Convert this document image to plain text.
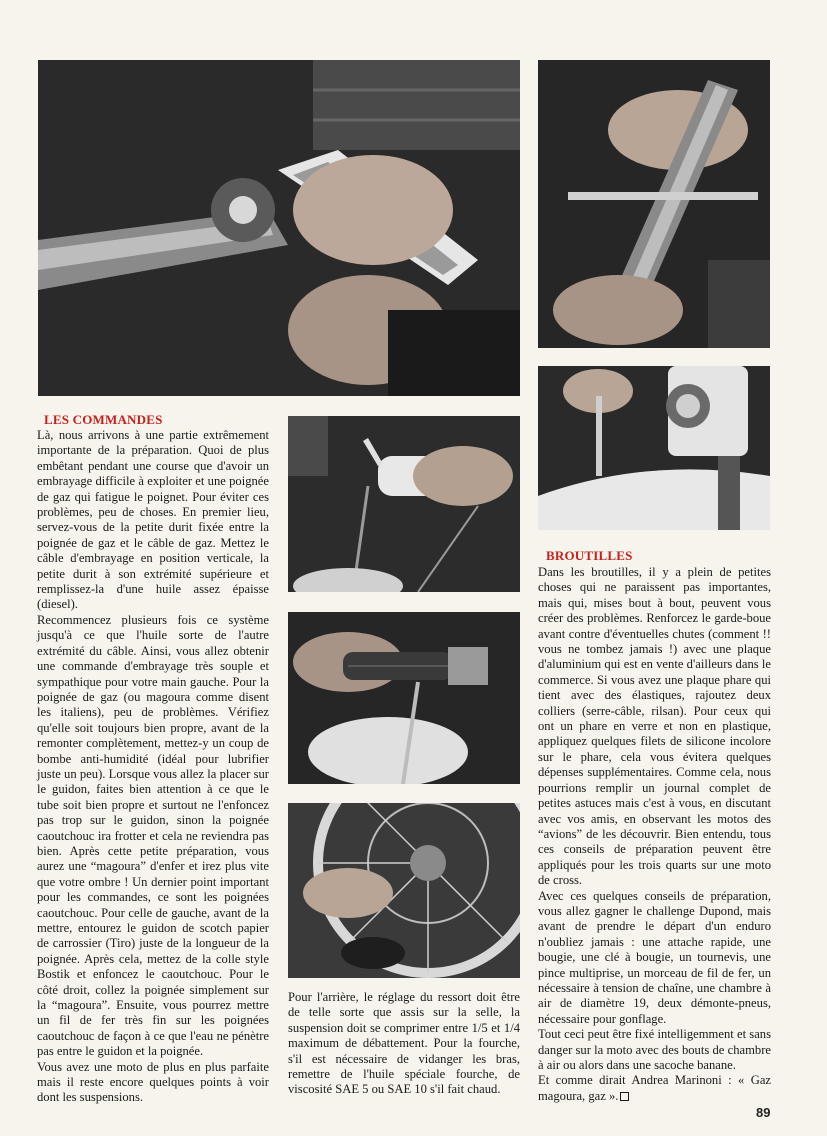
LES COMMANDES

Là, nous arrivons à une partie extrêmement importante de la préparation. Quoi de plus embêtant pendant une course que d'avoir un embrayage difficile à exploiter et une poignée de gaz qui fatigue le poignet. Pour éviter ces problèmes, peu de choses. En premier lieu, servez-vous de la petite durit fixée entre la poignée de gaz et le câble de gaz. Mettez le câble d'embrayage en position verticale, la petite durit à son extrémité supérieure et remplissez-la d'une huile assez épaisse (diesel).

Recommencez plusieurs fois ce système jusqu'à ce que l'huile sorte de l'autre extrémité du câble. Ainsi, vous allez obtenir une commande d'embrayage très souple et sympathique pour votre main gauche. Pour la poignée de gaz (ou magoura comme disent les italiens), peu de problèmes. Vérifiez qu'elle soit toujours bien propre, avant de la remonter complètement, mettez-y un coup de bombe anti-humidité (idéal pour lubrifier juste un peu). Lorsque vous allez la placer sur le guidon, faites bien attention à ce que le tube soit bien propre et surtout ne l'enfoncez pas trop sur le guidon, sinon la poignée caoutchouc ira frotter et cela ne reviendra pas bien. Après cette petite préparation, vous aurez une “magoura” d'enfer et irez plus vite que votre ombre ! Un dernier point important pour les commandes, ce sont les poignées caoutchouc. Pour celle de gauche, avant de la mettre, entourez le guidon de scotch papier de carrossier (Tiro) juste de la longueur de la poignée. Après cela, mettez de la colle style Bostik et enfoncez le caoutchouc. Pour le côté droit, collez la poignée simplement sur la “magoura”. Ensuite, vous pourrez mettre un fil de fer très fin sur les poignées caoutchouc de façon à ce que l'eau ne pénètre pas entre le guidon et la poignée.

Vous avez une moto de plus en plus parfaite mais il reste encore quelques points à voir dont les suspensions.

Pour l'arrière, le réglage du ressort doit être de telle sorte que assis sur la selle, la suspension doit se comprimer entre 1/5 et 1/4 maximum de débattement. Pour la fourche, s'il est nécessaire de vidanger les bras, remettre de l'huile spéciale fourche, de viscosité SAE 5 ou SAE 10 s'il fait chaud.

BROUTILLES

Dans les broutilles, il y a plein de petites choses qui ne paraissent pas importantes, mais qui, mises bout à bout, peuvent vous créer des problèmes. Renforcez le garde-boue avant contre d'éventuelles chutes (comment !! vous ne tombez jamais !) avec une plaque d'aluminium qui est en vente d'ailleurs dans le commerce. Si vous avez une plaque phare qui tient avec des élastiques, rajoutez deux colliers (serre-câble, rilsan). Pour ceux qui ont un phare en verre et non en plastique, appliquez quelques filets de silicone incolore sur le phare, cela vous évitera quelques dépenses supplémentaires. Comme cela, nous pourrions remplir un journal complet de petites astuces mais c'est à vous, en discutant avec vos amis, en observant les motos des “avions” de les découvrir. Bien entendu, tous ces conseils de préparation peuvent être appliqués pour les trois quarts sur une moto de cross.

Avec ces quelques conseils de préparation, vous allez gagner le challenge Dupond, mais avant de prendre le départ d'un enduro n'oubliez jamais : une attache rapide, une bougie, une clé à bougie, un tournevis, une pince multiprise, un morceau de fil de fer, un nécessaire à tension de chaîne, une chambre à air de diamètre 19, deux démonte-pneus, nécessaire pour gonflage.

Tout ceci peut être fixé intelligemment et sans danger sur la moto avec des bouts de chambre à air ou alors dans une sacoche banane.

Et comme dirait Andrea Marinoni : « Gaz magoura, gaz ».

89
